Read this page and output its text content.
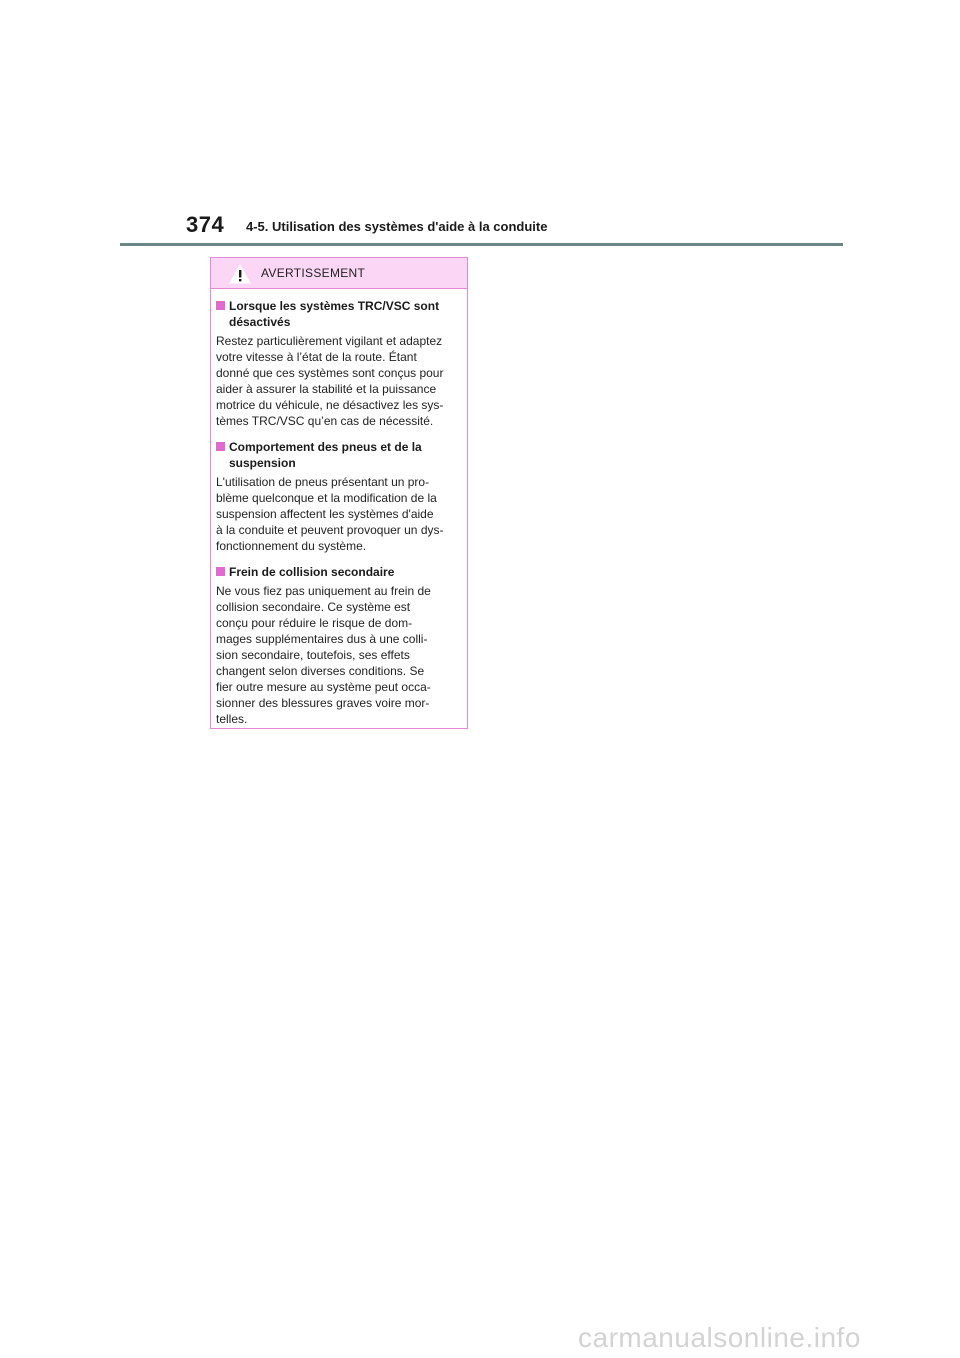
374 4-5. Utilisation des systèmes d'aide à la conduite
AVERTISSEMENT
Lorsque les systèmes TRC/VSC sont
désactivés
Restez particulièrement vigilant et adaptez
votre vitesse à l’état de la route. Étant
donné que ces systèmes sont conçus pour
aider à assurer la stabilité et la puissance
motrice du véhicule, ne désactivez les sys-
tèmes TRC/VSC qu’en cas de nécessité.
Comportement des pneus et de la
suspension
L'utilisation de pneus présentant un pro-
blème quelconque et la modification de la
suspension affectent les systèmes d'aide
à la conduite et peuvent provoquer un dys-
fonctionnement du système.
Frein de collision secondaire
Ne vous fiez pas uniquement au frein de
collision secondaire. Ce système est
conçu pour réduire le risque de dom-
mages supplémentaires dus à une colli-
sion secondaire, toutefois, ses effets
changent selon diverses conditions. Se
fier outre mesure au système peut occa-
sionner des blessures graves voire mor-
telles.
carmanualsonline.info
